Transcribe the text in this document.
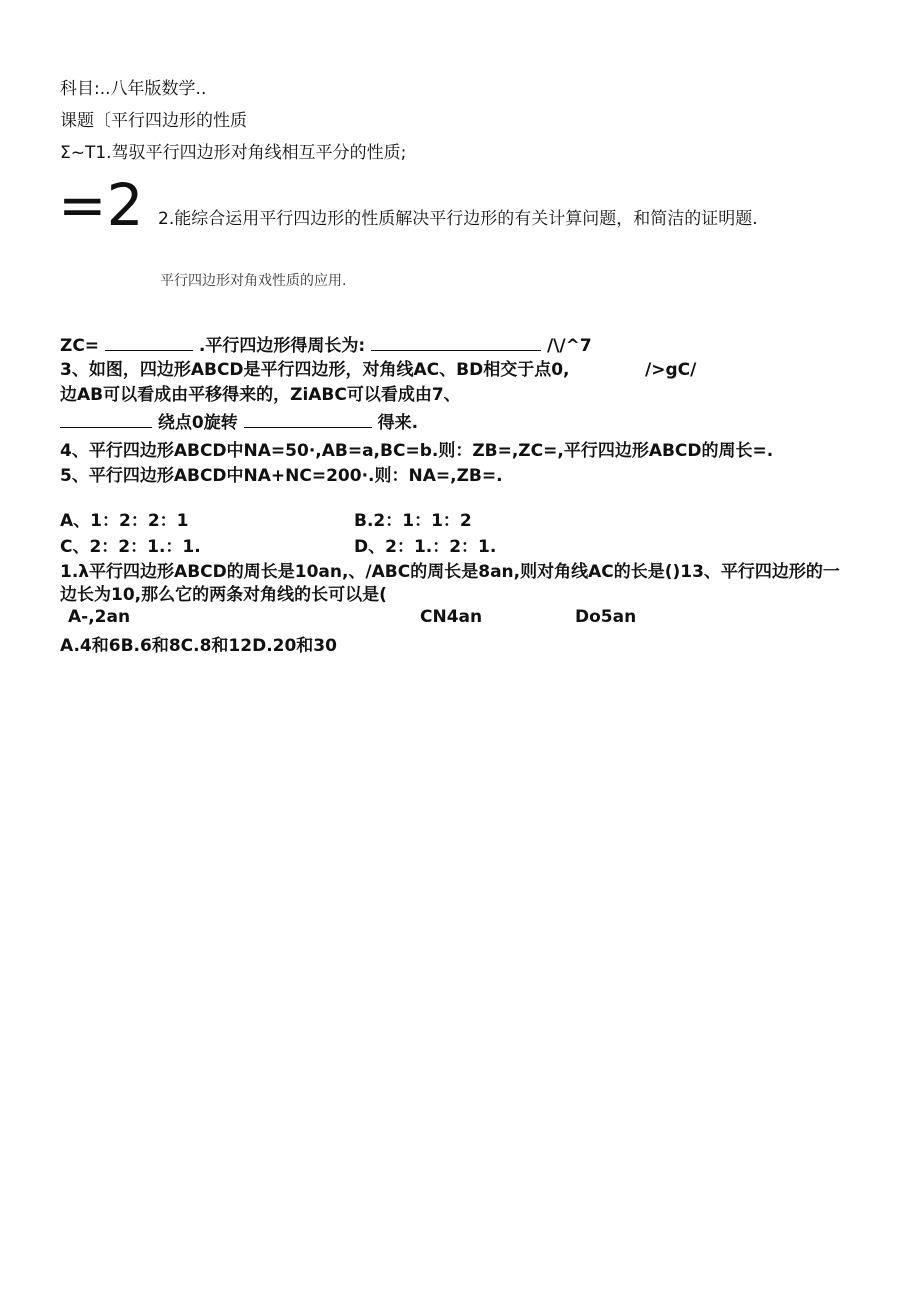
科目:..八年版数学..
课题〔平行四边形的性质
Σ~T1.驾驭平行四边形对角线相互平分的性质;
=2 2.能综合运用平行四边形的性质解决平行边形的有关计算问题，和简洁的证明题.
平行四边形对角戏性质的应用.
ZC=	.平行四边形得周长为:	/\/^7
3、如图，四边形ABCD是平行四边形，对角线AC、BD相交于点0,	/>gC/
边AB可以看成由平移得来的，ZiABC可以看成由7、
绕点0旋转	得来.
4、平行四边形ABCD中NA=50·,AB=a,BC=b.则：ZB=,ZC=,平行四边形ABCD的周长=.
5、平行四边形ABCD中NA+NC=200·.则：NA=,ZB=.
A、1：2：2：1	B.2：1：1：2
C、2：2：1.：1.	D、2：1.：2：1.
1.λ平行四边形ABCD的周长是10an,、/ABC的周长是8an,则对角线AC的长是()13、平行四边形的一
边长为10,那么它的两条对角线的长可以是(
A-,2an	CN4an	Do5an
A.4和6B.6和8C.8和12D.20和30
